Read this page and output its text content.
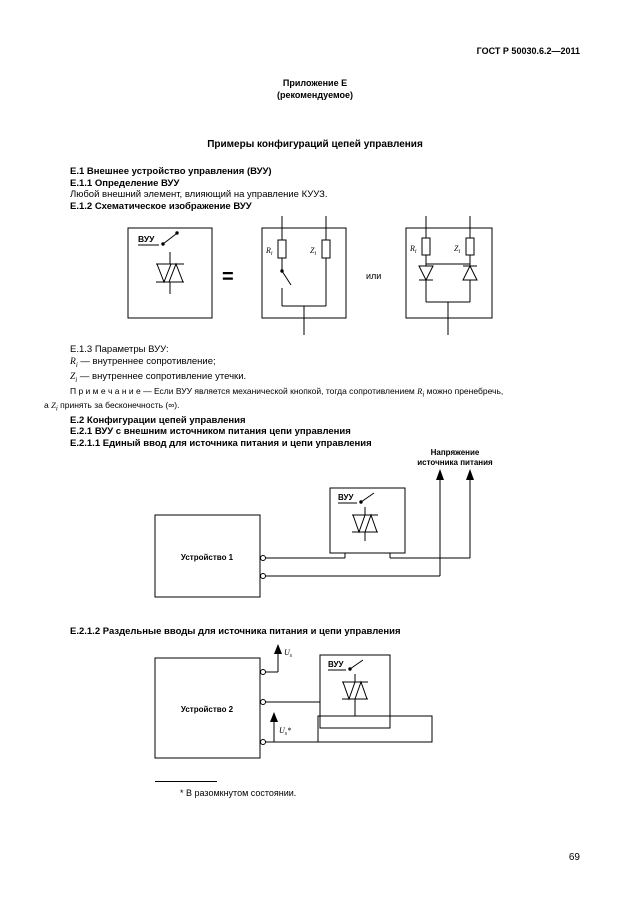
ГОСТ Р 50030.6.2—2011
Приложение Е
(рекомендуемое)
Примеры конфигураций цепей управления
Е.1 Внешнее устройство управления (ВУУ)
Е.1.1 Определение ВУУ
Любой внешний элемент, влияющий на управление КУУЗ.
Е.1.2 Схематическое изображение ВУУ
ВУУ
=
$R_i$	$Z_i$
или
$R_i$	$Z_i$
Е.1.3 Параметры ВУУ:
$R_i$ — внутреннее сопротивление;
$Z_i$ — внутреннее сопротивление утечки.
П р и м е ч а н и е — Если ВУУ является механической кнопкой, тогда сопротивлением $R_i$ можно пренебречь,
а $Z_i$ принять за бесконечность (∞).
Е.2 Конфигурации цепей управления
Е.2.1 ВУУ с внешним источником питания цепи управления
Е.2.1.1 Единый ввод для источника питания и цепи управления
Напряжение
источника питания
ВУУ
Устройство 1
Е.2.1.2 Раздельные вводы для источника питания и цепи управления
$U_s$
$U_s*$
Устройство 2
ВУУ
* В разомкнутом состоянии.
69
